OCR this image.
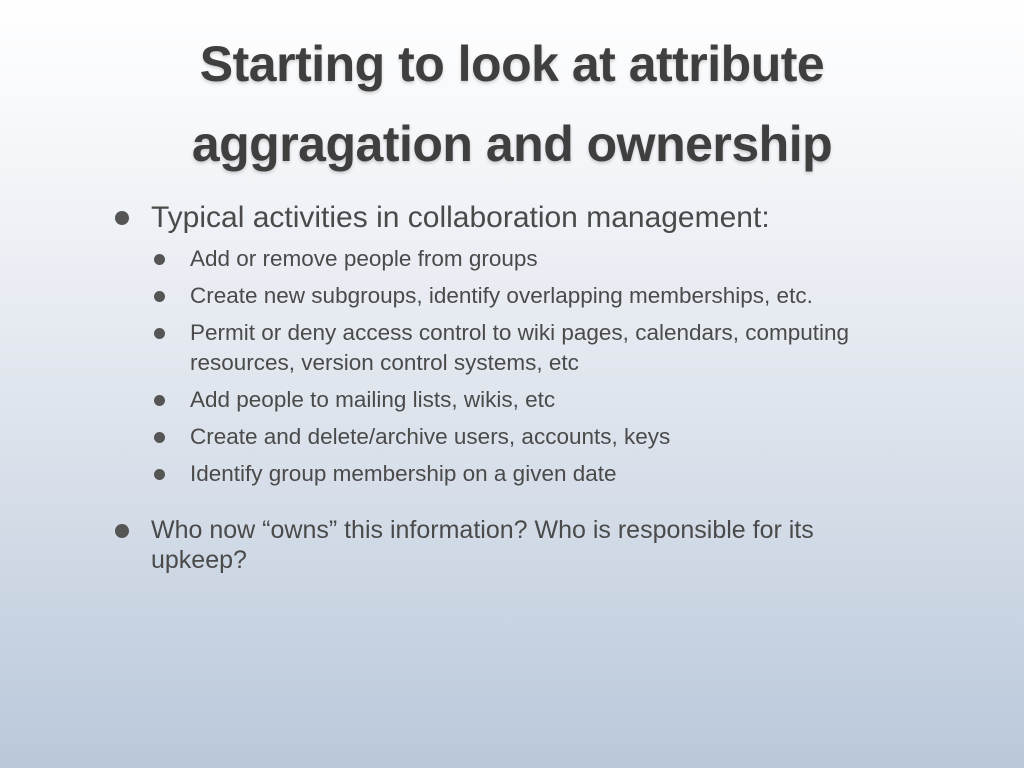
Starting to look at attribute
aggragation and ownership
Typical activities in collaboration management:
Add or remove people from groups
Create new subgroups, identify overlapping memberships, etc.
Permit or deny access control to wiki pages, calendars, computing resources, version control systems, etc
Add people to mailing lists, wikis, etc
Create and delete/archive users, accounts, keys
Identify group membership on a given date
Who now “owns” this information? Who is responsible for its upkeep?
